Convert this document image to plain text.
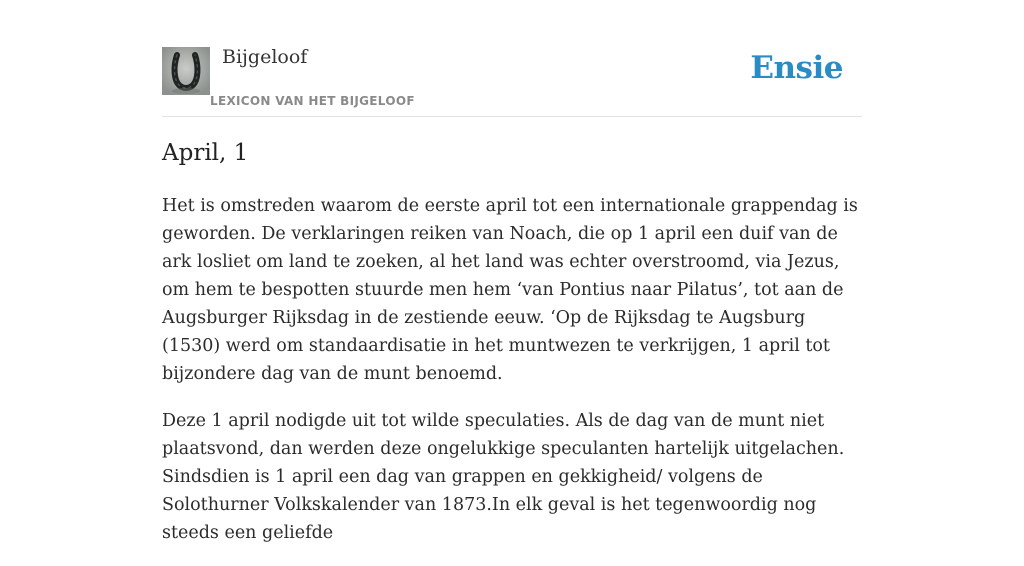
Bijgeloof
LEXICON VAN HET BIJGELOOF
Ensie
April, 1

Het is omstreden waarom de eerste april tot een internationale grappendag is geworden. De verklaringen reiken van Noach, die op 1 april een duif van de ark losliet om land te zoeken, al het land was echter overstroomd, via Jezus, om hem te bespotten stuurde men hem ‘van Pontius naar Pilatus’, tot aan de Augsburger Rijksdag in de zestiende eeuw. ‘Op de Rijksdag te Augsburg (1530) werd om standaardisatie in het muntwezen te verkrijgen, 1 april tot bijzondere dag van de munt benoemd.

Deze 1 april nodigde uit tot wilde speculaties. Als de dag van de munt niet plaatsvond, dan werden deze ongelukkige speculanten hartelijk uitgelachen. Sindsdien is 1 april een dag van grappen en gekkigheid/ volgens de Solothurner Volkskalender van 1873.In elk geval is het tegenwoordig nog steeds een geliefde
